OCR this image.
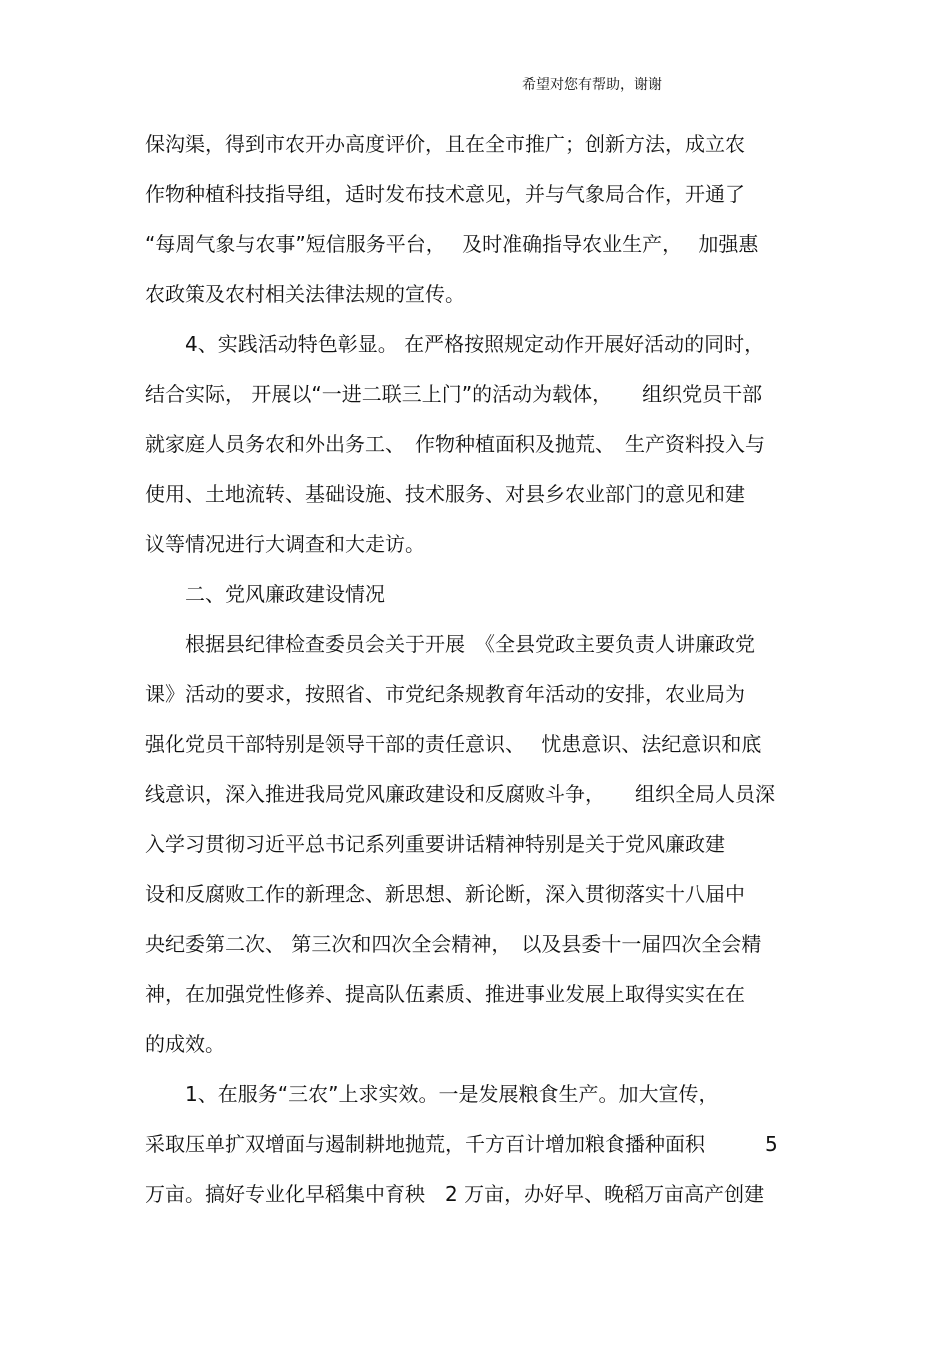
希望对您有帮助，谢谢
保沟渠，得到市农开办高度评价，且在全市推广；创新方法，成立农
作物种植科技指导组，适时发布技术意见，并与气象局合作，开通了
“每周气象与农事”短信服务平台，　 及时准确指导农业生产，　 加强惠
农政策及农村相关法律法规的宣传。
　　4、实践活动特色彰显。 在严格按照规定动作开展好活动的同时，
结合实际， 开展以“一进二联三上门”的活动为载体，　　组织党员干部
就家庭人员务农和外出务工、　作物种植面积及抛荒、　生产资料投入与
使用、土地流转、基础设施、技术服务、对县乡农业部门的意见和建
议等情况进行大调查和大走访。
　　二、党风廉政建设情况
　　根据县纪律检查委员会关于开展　《全县党政主要负责人讲廉政党
课》活动的要求，按照省、市党纪条规教育年活动的安排，农业局为
强化党员干部特别是领导干部的责任意识、　 忧患意识、法纪意识和底
线意识，深入推进我局党风廉政建设和反腐败斗争，　　组织全局人员深
入学习贯彻习近平总书记系列重要讲话精神特别是关于党风廉政建
设和反腐败工作的新理念、新思想、新论断，深入贯彻落实十八届中
央纪委第二次、 第三次和四次全会精神，　以及县委十一届四次全会精
神，在加强党性修养、提高队伍素质、推进事业发展上取得实实在在
的成效。
　　1、在服务“三农”上求实效。一是发展粮食生产。加大宣传，
采取压单扩双增面与遏制耕地抛荒，千方百计增加粮食播种面积　　　5
万亩。搞好专业化早稻集中育秧　2 万亩，办好早、晚稻万亩高产创建
